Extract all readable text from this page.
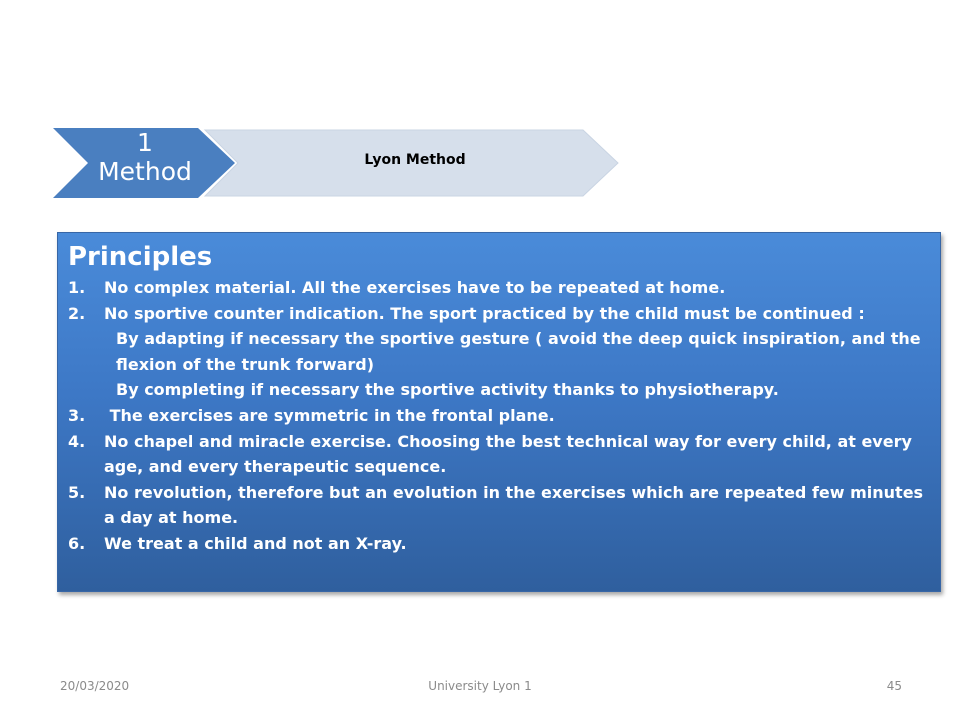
1
Method	Lyon Method
Principles
1. No complex material. All the exercises have to be repeated at home.
2. No sportive counter indication. The sport practiced by the child must be continued :
By adapting if necessary the sportive gesture ( avoid the deep quick inspiration, and the flexion of the trunk forward)
By completing if necessary the sportive activity thanks to physiotherapy.
3. The exercises are symmetric in the frontal plane.
4. No chapel and miracle exercise. Choosing the best technical way for every child, at every age, and every therapeutic sequence.
5. No revolution, therefore but an evolution in the exercises which are repeated few minutes a day at home.
6. We treat a child and not an X-ray.
20/03/2020	University Lyon 1	45
